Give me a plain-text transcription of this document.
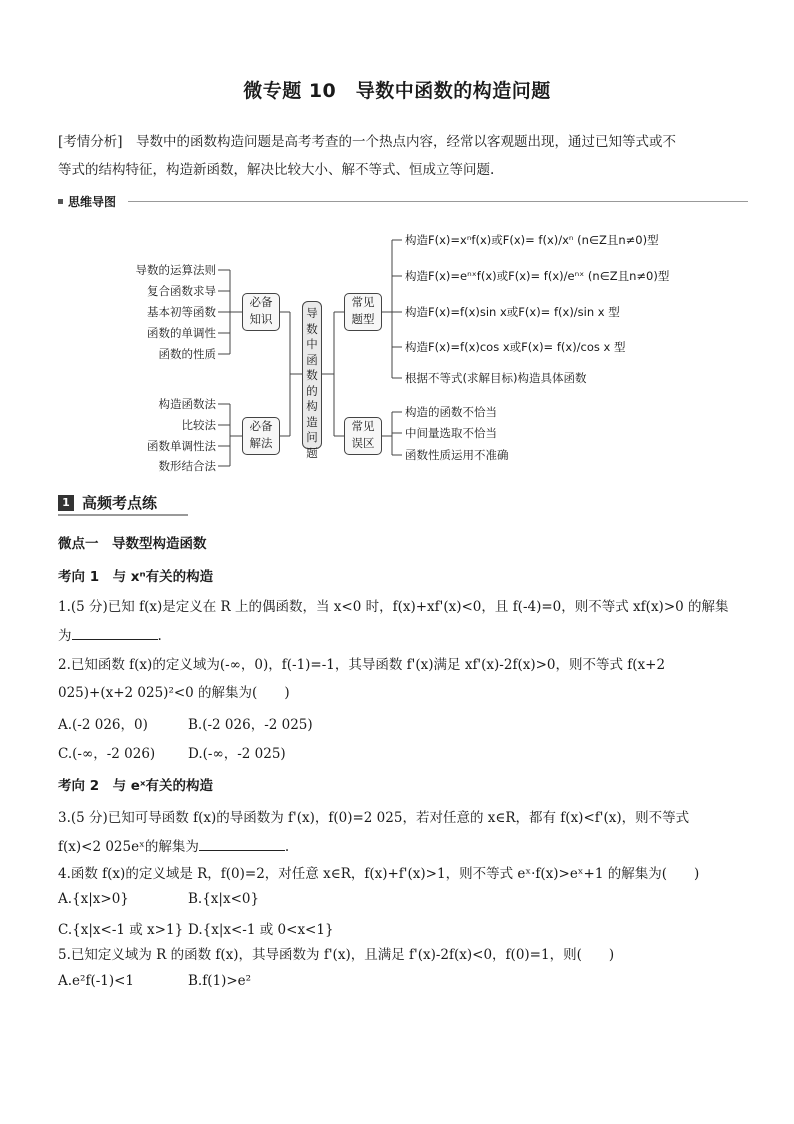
微专题 10　导数中函数的构造问题
[考情分析]　导数中的函数构造问题是高考考查的一个热点内容，经常以客观题出现，通过已知等式或不
等式的结构特征，构造新函数，解决比较大小、解不等式、恒成立等问题.
思维导图
导数的运算法则
复合函数求导
基本初等函数
函数的单调性
函数的性质
构造函数法
比较法
函数单调性法
数形结合法
必备知识
必备解法
导数中函数的构造问题
常见题型
常见误区
构造F(x)=xⁿf(x)或F(x)= f(x)/xⁿ (n∈Z且n≠0)型
构造F(x)=eⁿˣf(x)或F(x)= f(x)/eⁿˣ (n∈Z且n≠0)型
构造F(x)=f(x)sin x或F(x)= f(x)/sin x 型
构造F(x)=f(x)cos x或F(x)= f(x)/cos x 型
根据不等式(求解目标)构造具体函数
构造的函数不恰当
中间量选取不恰当
函数性质运用不准确
1 高频考点练
微点一　导数型构造函数
考向 1　与 xⁿ有关的构造
1.(5 分)已知 f(x)是定义在 R 上的偶函数，当 x<0 时，f(x)+xf'(x)<0，且 f(-4)=0，则不等式 xf(x)>0 的解集
为	.
2.已知函数 f(x)的定义域为(-∞，0)，f(-1)=-1，其导函数 f'(x)满足 xf'(x)-2f(x)>0，则不等式 f(x+2
025)+(x+2 025)²<0 的解集为(　　)
A.(-2 026，0)	B.(-2 026，-2 025)
C.(-∞，-2 026) D.(-∞，-2 025)
考向 2　与 eˣ有关的构造
3.(5 分)已知可导函数 f(x)的导函数为 f'(x)，f(0)=2 025，若对任意的 x∈R，都有 f(x)<f'(x)，则不等式
f(x)<2 025eˣ的解集为	.
4.函数 f(x)的定义域是 R，f(0)=2，对任意 x∈R，f(x)+f'(x)>1，则不等式 eˣ·f(x)>eˣ+1 的解集为(　　)
A.{x|x>0}	B.{x|x<0}
C.{x|x<-1 或 x>1} D.{x|x<-1 或 0<x<1}
5.已知定义域为 R 的函数 f(x)，其导函数为 f'(x)，且满足 f'(x)-2f(x)<0，f(0)=1，则(　　)
A.e²f(-1)<1	B.f(1)>e²
